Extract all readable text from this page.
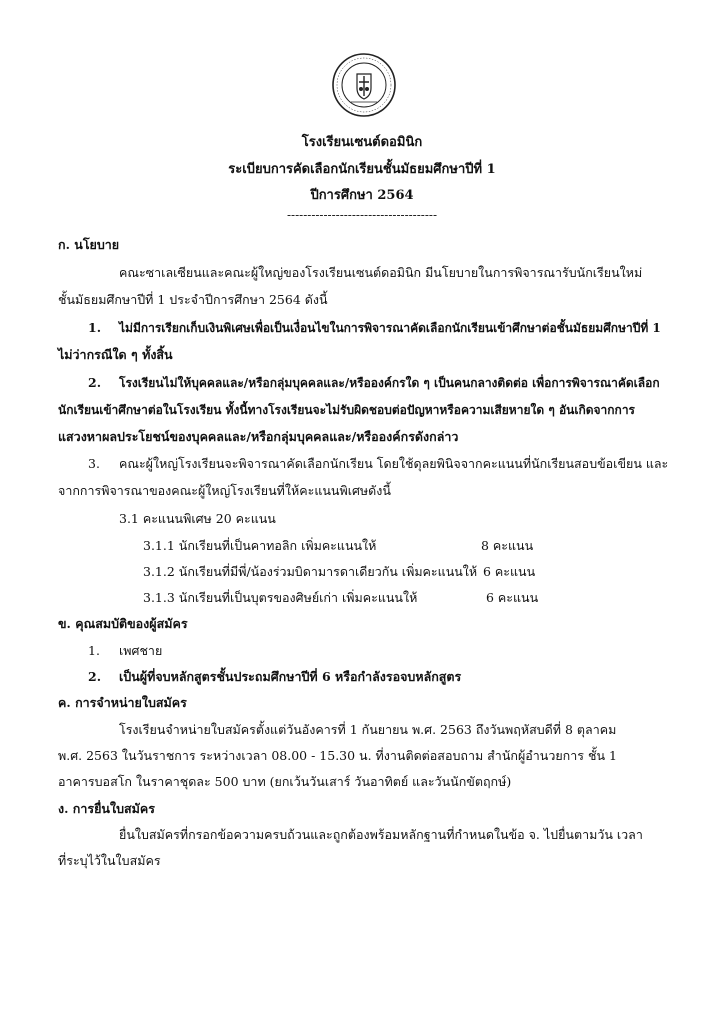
โรงเรียนเซนต์ดอมินิก
ระเบียบการคัดเลือกนักเรียนชั้นมัธยมศึกษาปีที่ 1
ปีการศึกษา 2564
-------------------------------------
ก. นโยบาย
คณะซาเลเซียนและคณะผู้ใหญ่ของโรงเรียนเซนต์ดอมินิก มีนโยบายในการพิจารณารับนักเรียนใหม่
ชั้นมัธยมศึกษาปีที่ 1 ประจำปีการศึกษา 2564 ดังนี้
1. ไม่มีการเรียกเก็บเงินพิเศษเพื่อเป็นเงื่อนไขในการพิจารณาคัดเลือกนักเรียนเข้าศึกษาต่อชั้นมัธยมศึกษาปีที่ 1
ไม่ว่ากรณีใด ๆ ทั้งสิ้น
2. โรงเรียนไม่ให้บุคคลและ/หรือกลุ่มบุคคลและ/หรือองค์กรใด ๆ เป็นคนกลางติดต่อ เพื่อการพิจารณาคัดเลือก
นักเรียนเข้าศึกษาต่อในโรงเรียน ทั้งนี้ทางโรงเรียนจะไม่รับผิดชอบต่อปัญหาหรือความเสียหายใด ๆ อันเกิดจากการ
แสวงหาผลประโยชน์ของบุคคลและ/หรือกลุ่มบุคคลและ/หรือองค์กรดังกล่าว
3. คณะผู้ใหญ่โรงเรียนจะพิจารณาคัดเลือกนักเรียน โดยใช้ดุลยพินิจจากคะแนนที่นักเรียนสอบข้อเขียน และ
จากการพิจารณาของคณะผู้ใหญ่โรงเรียนที่ให้คะแนนพิเศษดังนี้
3.1 คะแนนพิเศษ 20 คะแนน
3.1.1 นักเรียนที่เป็นคาทอลิก เพิ่มคะแนนให้	8 คะแนน
3.1.2 นักเรียนที่มีพี่/น้องร่วมบิดามารดาเดียวกัน เพิ่มคะแนนให้ 6 คะแนน
3.1.3 นักเรียนที่เป็นบุตรของศิษย์เก่า เพิ่มคะแนนให้	6 คะแนน
ข. คุณสมบัติของผู้สมัคร
1. เพศชาย
2. เป็นผู้ที่จบหลักสูตรชั้นประถมศึกษาปีที่ 6 หรือกำลังรอจบหลักสูตร
ค. การจำหน่ายใบสมัคร
โรงเรียนจำหน่ายใบสมัครตั้งแต่วันอังคารที่ 1 กันยายน พ.ศ. 2563 ถึงวันพฤหัสบดีที่ 8 ตุลาคม
พ.ศ. 2563 ในวันราชการ ระหว่างเวลา 08.00 - 15.30 น. ที่งานติดต่อสอบถาม สำนักผู้อำนวยการ ชั้น 1
อาคารบอสโก ในราคาชุดละ 500 บาท (ยกเว้นวันเสาร์ วันอาทิตย์ และวันนักขัตฤกษ์)
ง. การยื่นใบสมัคร
ยื่นใบสมัครที่กรอกข้อความครบถ้วนและถูกต้องพร้อมหลักฐานที่กำหนดในข้อ จ. ไปยื่นตามวัน เวลา
ที่ระบุไว้ในใบสมัคร
